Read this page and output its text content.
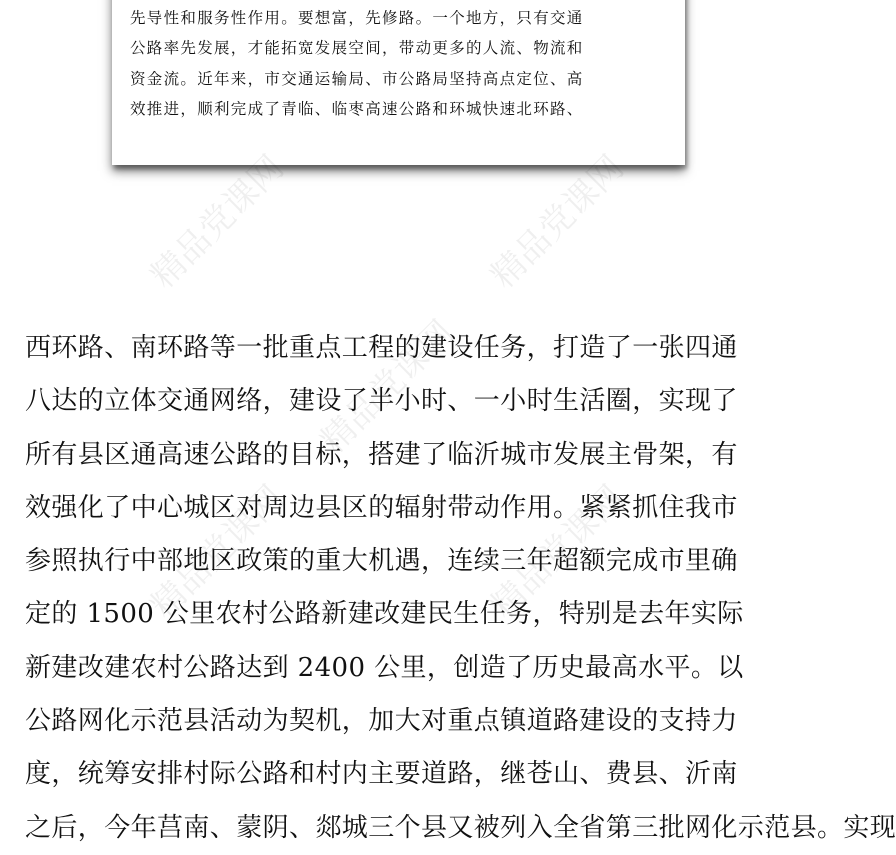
先导性和服务性作用。要想富，先修路。一个地方，只有交通
公路率先发展，才能拓宽发展空间，带动更多的人流、物流和
资金流。近年来，市交通运输局、市公路局坚持高点定位、高
效推进，顺利完成了青临、临枣高速公路和环城快速北环路、
精品党课网	精品党课网
精品党课网
精品党课网	精品党课网
西环路、南环路等一批重点工程的建设任务，打造了一张四通
八达的立体交通网络，建设了半小时、一小时生活圈，实现了
所有县区通高速公路的目标，搭建了临沂城市发展主骨架，有
效强化了中心城区对周边县区的辐射带动作用。紧紧抓住我市
参照执行中部地区政策的重大机遇，连续三年超额完成市里确
定的 1500 公里农村公路新建改建民生任务，特别是去年实际
新建改建农村公路达到 2400 公里，创造了历史最高水平。以
公路网化示范县活动为契机，加大对重点镇道路建设的支持力
度，统筹安排村际公路和村内主要道路，继苍山、费县、沂南
之后，今年莒南、蒙阴、郯城三个县又被列入全省第三批网化示范县。实现
